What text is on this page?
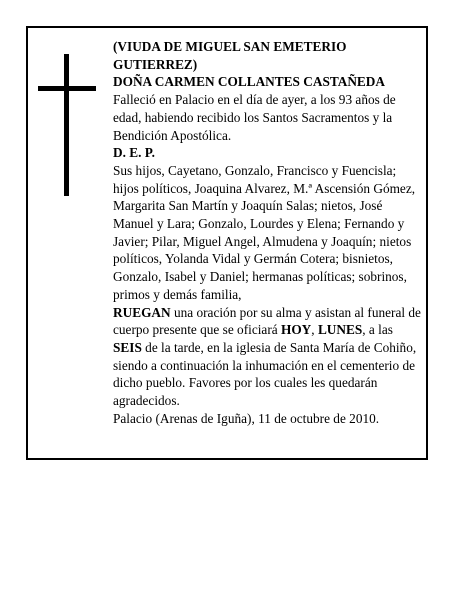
(VIUDA DE MIGUEL SAN EMETERIO GUTIERREZ)

DOÑA CARMEN COLLANTES CASTAÑEDA

Falleció en Palacio en el día de ayer, a los 93 años de edad, habiendo recibido los Santos Sacramentos y la Bendición Apostólica.

D. E. P.

Sus hijos, Cayetano, Gonzalo, Francisco y Fuencisla; hijos políticos, Joaquina Alvarez, M.ª Ascensión Gómez, Margarita San Martín y Joaquín Salas; nietos, José Manuel y Lara; Gonzalo, Lourdes y Elena; Fernando y Javier; Pilar, Miguel Angel, Almudena y Joaquín; nietos políticos, Yolanda Vidal y Germán Cotera; bisnietos, Gonzalo, Isabel y Daniel; hermanas políticas; sobrinos, primos y demás familia,

RUEGAN una oración por su alma y asistan al funeral de cuerpo presente que se oficiará HOY, LUNES, a las SEIS de la tarde, en la iglesia de Santa María de Cohiño, siendo a continuación la inhumación en el cementerio de dicho pueblo. Favores por los cuales les quedarán agradecidos.

Palacio (Arenas de Iguña), 11 de octubre de 2010.
